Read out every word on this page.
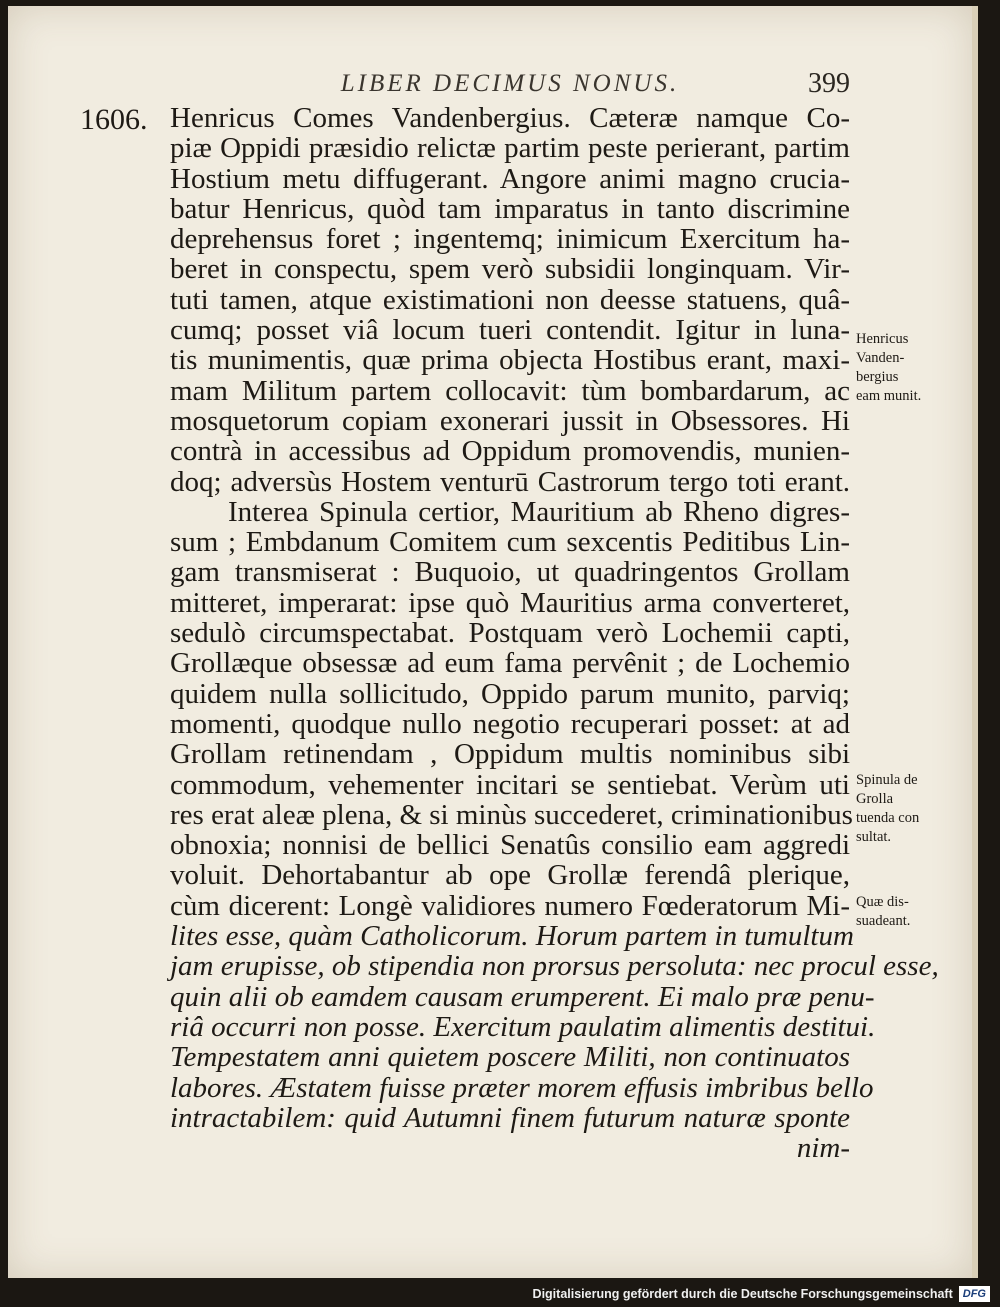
LIBER DECIMUS NONUS.	399
1606. Henricus Comes Vandenbergius. Cæteræ namque Co-
piæ Oppidi præsidio relictæ partim peste perierant, partim
Hostium metu diffugerant. Angore animi magno crucia-
batur Henricus, quòd tam imparatus in tanto discrimine
deprehensus foret ; ingentemq; inimicum Exercitum ha-
beret in conspectu, spem verò subsidii longinquam. Vir-
tuti tamen, atque existimationi non deesse statuens, quâ-
cumq; posset viâ locum tueri contendit. Igitur in luna-
tis munimentis, quæ prima objecta Hostibus erant, maxi-
mam Militum partem collocavit: tùm bombardarum, ac
mosquetorum copiam exonerari jussit in Obsessores. Hi
contrà in accessibus ad Oppidum promovendis, munien-
doq; adversùs Hostem venturū Castrorum tergo toti erant.
Interea Spinula certior, Mauritium ab Rheno digres-
sum ; Embdanum Comitem cum sexcentis Peditibus Lin-
gam transmiserat : Buquoio, ut quadringentos Grollam
mitteret, imperarat: ipse quò Mauritius arma converteret,
sedulò circumspectabat. Postquam verò Lochemii capti,
Grollæque obsessæ ad eum fama pervênit ; de Lochemio
quidem nulla sollicitudo, Oppido parum munito, parviq;
momenti, quodque nullo negotio recuperari posset: at ad
Grollam retinendam , Oppidum multis nominibus sibi
commodum, vehementer incitari se sentiebat. Verùm uti
res erat aleæ plena, & si minùs succederet, criminationibus
obnoxia; nonnisi de bellici Senatûs consilio eam aggredi
voluit. Dehortabantur ab ope Grollæ ferendâ plerique,
cùm dicerent: Longè validiores numero Fœderatorum Mi-
lites esse, quàm Catholicorum. Horum partem in tumultum
jam erupisse, ob stipendia non prorsus persoluta: nec procul esse,
quin alii ob eamdem causam erumperent. Ei malo præ penu-
riâ occurri non posse. Exercitum paulatim alimentis destitui.
Tempestatem anni quietem poscere Militi, non continuatos
labores. Æstatem fuisse præter morem effusis imbribus bello
intractabilem: quid Autumni finem futurum naturæ sponte
nim-
Henricus
Vanden-
bergius
eam munit.
Spinula de
Grolla
tuenda con
sultat.
Quæ dis-
suadeant.
Digitalisierung gefördert durch die Deutsche Forschungsgemeinschaft DFG
